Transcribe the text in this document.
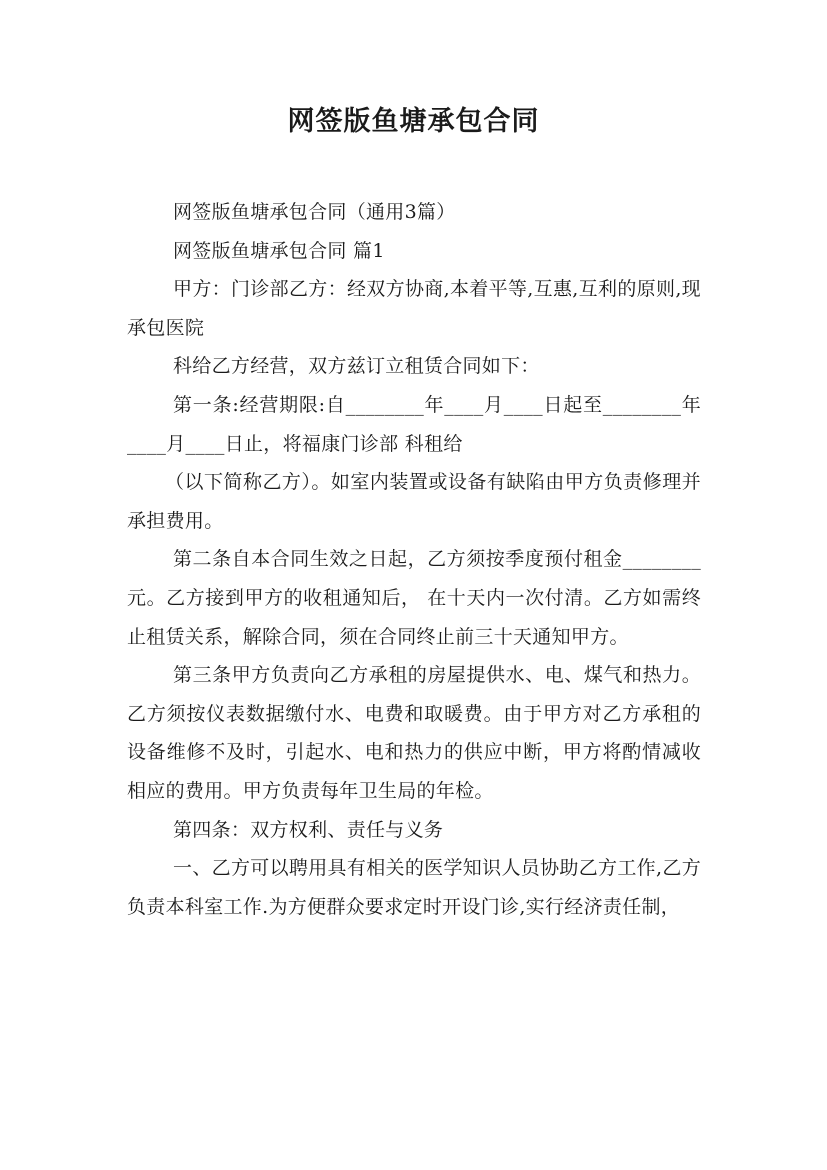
网签版鱼塘承包合同

网签版鱼塘承包合同（通用3篇）

网签版鱼塘承包合同 篇1

甲方：门诊部乙方：经双方协商,本着平等,互惠,互利的原则,现承包医院

科给乙方经营，双方兹订立租赁合同如下：

第一条:经营期限:自________年____月____日起至________年____月____日止，将福康门诊部 科租给

（以下简称乙方）。如室内装置或设备有缺陷由甲方负责修理并承担费用。

第二条自本合同生效之日起，乙方须按季度预付租金________元。乙方接到甲方的收租通知后， 在十天内一次付清。乙方如需终止租赁关系，解除合同，须在合同终止前三十天通知甲方。

第三条甲方负责向乙方承租的房屋提供水、电、煤气和热力。乙方须按仪表数据缴付水、电费和取暖费。由于甲方对乙方承租的设备维修不及时，引起水、电和热力的供应中断，甲方将酌情减收相应的费用。甲方负责每年卫生局的年检。

第四条：双方权利、责任与义务

一、乙方可以聘用具有相关的医学知识人员协助乙方工作,乙方负责本科室工作.为方便群众要求定时开设门诊,实行经济责任制，
